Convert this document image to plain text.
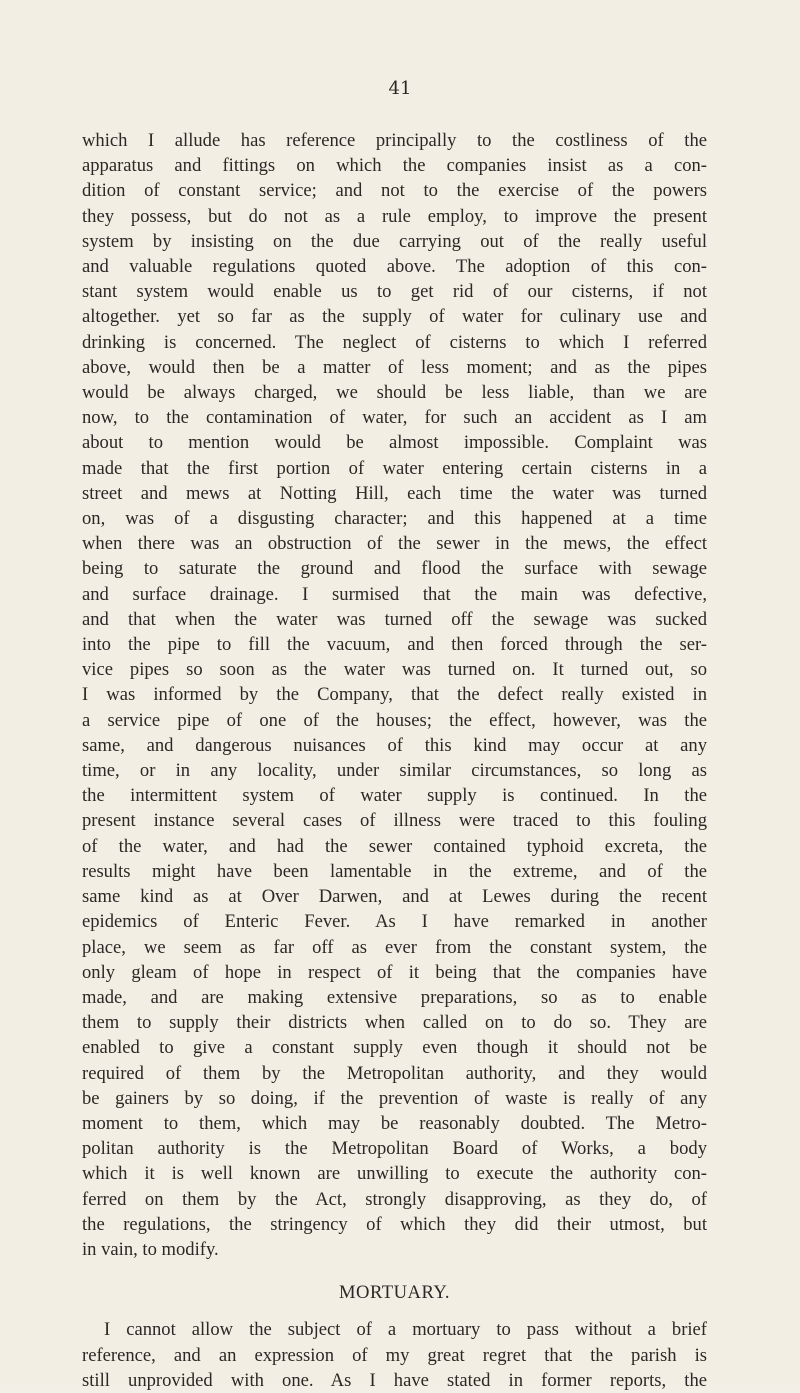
41
which I allude has reference principally to the costliness of the
apparatus and fittings on which the companies insist as a con-
dition of constant service; and not to the exercise of the powers
they possess, but do not as a rule employ, to improve the present
system by insisting on the due carrying out of the really useful
and valuable regulations quoted above. The adoption of this con-
stant system would enable us to get rid of our cisterns, if not
altogether. yet so far as the supply of water for culinary use and
drinking is concerned. The neglect of cisterns to which I referred
above, would then be a matter of less moment; and as the pipes
would be always charged, we should be less liable, than we are
now, to the contamination of water, for such an accident as I am
about to mention would be almost impossible. Complaint was
made that the first portion of water entering certain cisterns in a
street and mews at Notting Hill, each time the water was turned
on, was of a disgusting character; and this happened at a time
when there was an obstruction of the sewer in the mews, the effect
being to saturate the ground and flood the surface with sewage
and surface drainage. I surmised that the main was defective,
and that when the water was turned off the sewage was sucked
into the pipe to fill the vacuum, and then forced through the ser-
vice pipes so soon as the water was turned on. It turned out, so
I was informed by the Company, that the defect really existed in
a service pipe of one of the houses; the effect, however, was the
same, and dangerous nuisances of this kind may occur at any
time, or in any locality, under similar circumstances, so long as
the intermittent system of water supply is continued. In the
present instance several cases of illness were traced to this fouling
of the water, and had the sewer contained typhoid excreta, the
results might have been lamentable in the extreme, and of the
same kind as at Over Darwen, and at Lewes during the recent
epidemics of Enteric Fever. As I have remarked in another
place, we seem as far off as ever from the constant system, the
only gleam of hope in respect of it being that the companies have
made, and are making extensive preparations, so as to enable
them to supply their districts when called on to do so. They are
enabled to give a constant supply even though it should not be
required of them by the Metropolitan authority, and they would
be gainers by so doing, if the prevention of waste is really of any
moment to them, which may be reasonably doubted. The Metro-
politan authority is the Metropolitan Board of Works, a body
which it is well known are unwilling to execute the authority con-
ferred on them by the Act, strongly disapproving, as they do, of
the regulations, the stringency of which they did their utmost, but
in vain, to modify.
MORTUARY.
I cannot allow the subject of a mortuary to pass without a brief
reference, and an expression of my great regret that the parish is
still unprovided with one. As I have stated in former reports, the
